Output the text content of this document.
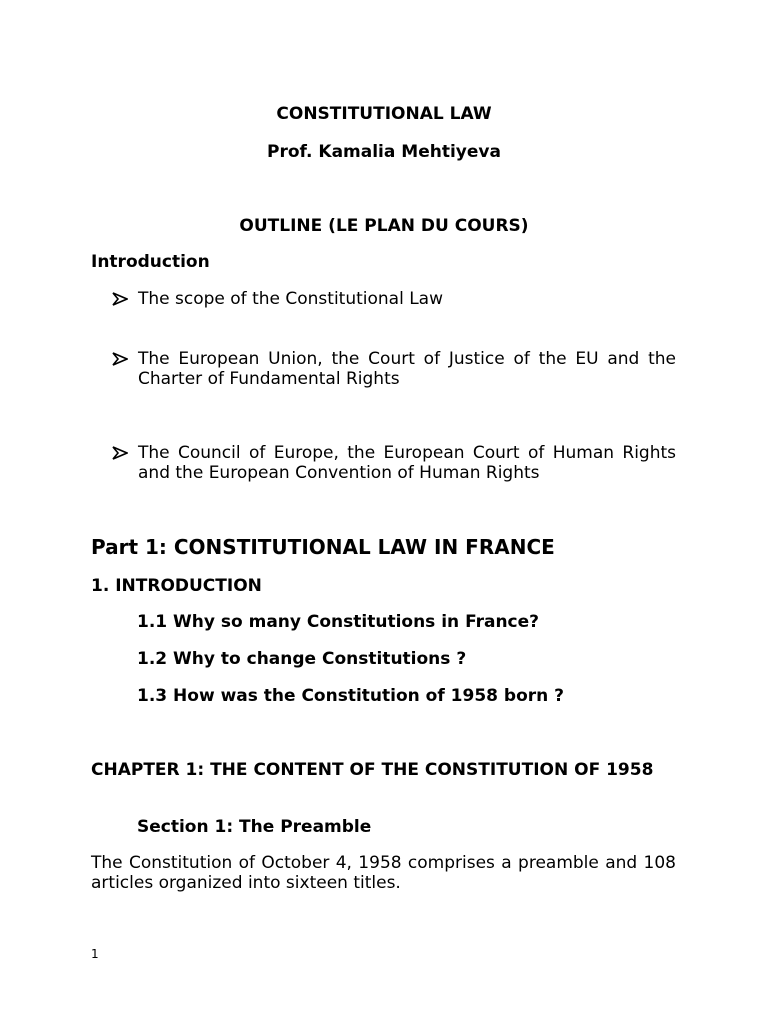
CONSTITUTIONAL LAW
Prof. Kamalia Mehtiyeva
OUTLINE (LE PLAN DU COURS)
Introduction
The scope of the Constitutional Law
The European Union, the Court of Justice of the EU and the Charter of Fundamental Rights
The Council of Europe, the European Court of Human Rights and the European Convention of Human Rights
Part 1: CONSTITUTIONAL LAW IN FRANCE
1. INTRODUCTION
1.1 Why so many Constitutions in France?
1.2 Why to change Constitutions ?
1.3 How was the Constitution of 1958 born ?
CHAPTER 1: THE CONTENT OF THE CONSTITUTION OF 1958
Section 1: The Preamble
The Constitution of October 4, 1958 comprises a preamble and 108 articles organized into sixteen titles.
1
